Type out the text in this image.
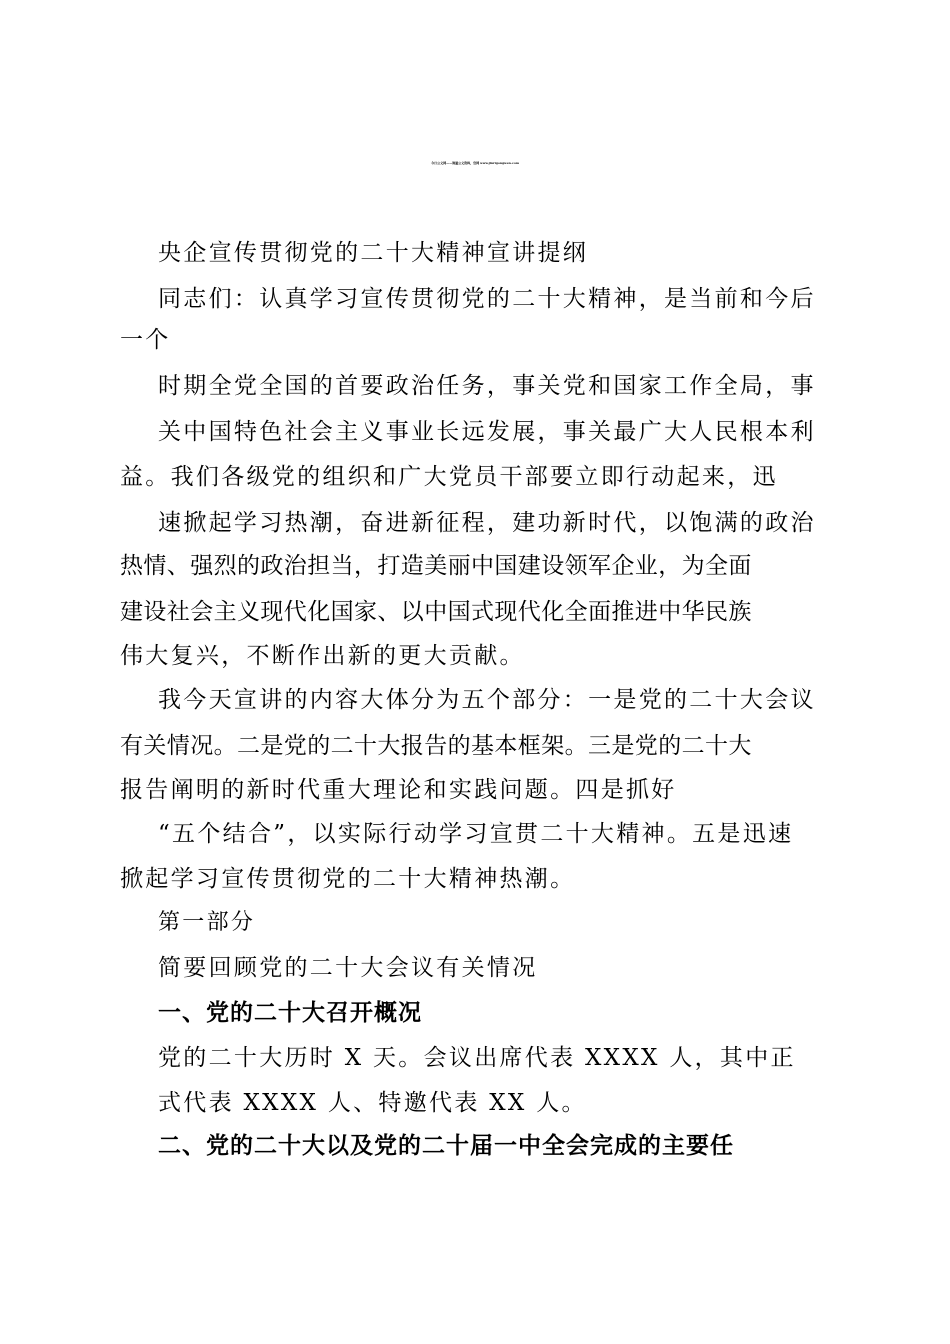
今日公文网——海量公文资料，官网 www.jinrigongwen.com
央企宣传贯彻党的二十大精神宣讲提纲
同志们：认真学习宣传贯彻党的二十大精神，是当前和今后
一个
时期全党全国的首要政治任务，事关党和国家工作全局，事
关中国特色社会主义事业长远发展，事关最广大人民根本利
益。我们各级党的组织和广大党员干部要立即行动起来，迅
速掀起学习热潮，奋进新征程，建功新时代，以饱满的政治
热情、强烈的政治担当，打造美丽中国建设领军企业，为全面
建设社会主义现代化国家、以中国式现代化全面推进中华民族
伟大复兴，不断作出新的更大贡献。
我今天宣讲的内容大体分为五个部分：一是党的二十大会议
有关情况。二是党的二十大报告的基本框架。三是党的二十大
报告阐明的新时代重大理论和实践问题。四是抓好
“五个结合”，以实际行动学习宣贯二十大精神。五是迅速
掀起学习宣传贯彻党的二十大精神热潮。
第一部分
简要回顾党的二十大会议有关情况
一、党的二十大召开概况
党的二十大历时 X 天。会议出席代表 XXXX 人，其中正
式代表 XXXX 人、特邀代表 XX 人。
二、党的二十大以及党的二十届一中全会完成的主要任
